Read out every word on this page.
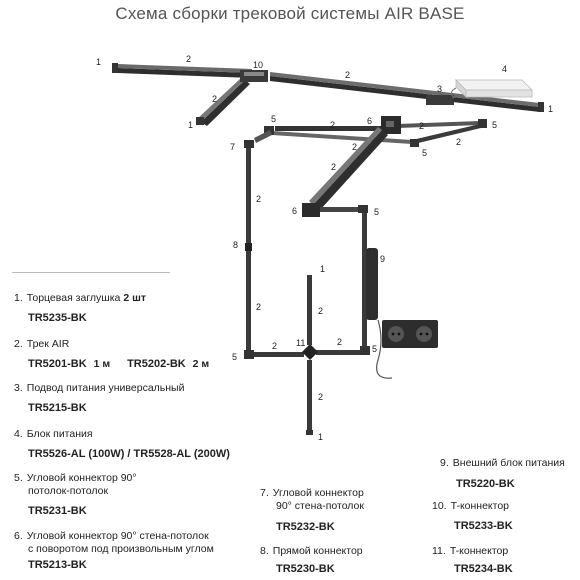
Схема сборки трековой системы AIR BASE
1	2
10
2
3
4
1
2
1
5
2	6	2	5
2
5
7	2
2
2
6	5
8
9
1
2	2
11
5
2	2
5
2
1
1. Торцевая заглушка 2 шт
TR5235-BK
2. Трек AIR
TR5201-BK 1 м TR5202-BK 2 м
3. Подвод питания универсальный
TR5215-BK
4. Блок питания
TR5526-AL (100W) / TR5528-AL (200W)
5. Угловой коннектор 90°
потолок-потолок
TR5231-BK
6. Угловой коннектор 90° стена-потолок
с поворотом под произвольным углом
TR5213-BK
7. Угловой коннектор
90° стена-потолок
TR5232-BK
8. Прямой коннектор
TR5230-BK
9. Внешний блок питания
TR5220-BK
10. T-коннектор
TR5233-BK
11. T-коннектор
TR5234-BK
